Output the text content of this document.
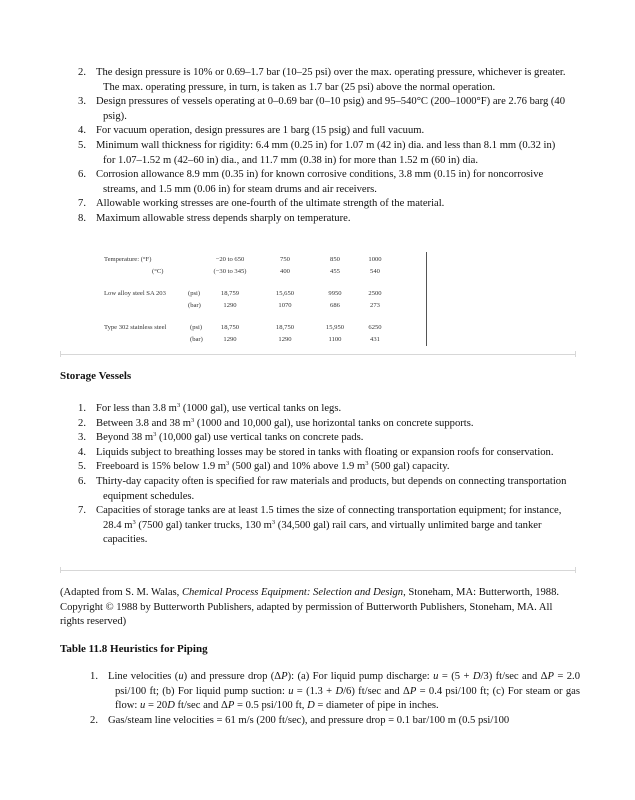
2. The design pressure is 10% or 0.69–1.7 bar (10–25 psi) over the max. operating pressure, whichever is greater. The max. operating pressure, in turn, is taken as 1.7 bar (25 psi) above the normal operation.
3. Design pressures of vessels operating at 0–0.69 bar (0–10 psig) and 95–540°C (200–1000°F) are 2.76 barg (40 psig).
4. For vacuum operation, design pressures are 1 barg (15 psig) and full vacuum.
5. Minimum wall thickness for rigidity: 6.4 mm (0.25 in) for 1.07 m (42 in) dia. and less than 8.1 mm (0.32 in) for 1.07–1.52 m (42–60 in) dia., and 11.7 mm (0.38 in) for more than 1.52 m (60 in) dia.
6. Corrosion allowance 8.9 mm (0.35 in) for known corrosive conditions, 3.8 mm (0.15 in) for noncorrosive streams, and 1.5 mm (0.06 in) for steam drums and air receivers.
7. Allowable working stresses are one-fourth of the ultimate strength of the material.
8. Maximum allowable stress depends sharply on temperature.
Temperature: (°F)	−20 to 650	750	850	1000
(°C)	(−30 to 345)	400	455	540
Low alloy steel SA 203	(psi)	18,759	15,650	9950	2500
(bar)	1290	1070	686	273
Type 302 stainless steel	(psi)	18,750	18,750	15,950	6250
(bar)	1290	1290	1100	431
Storage Vessels
1. For less than 3.8 $m^3$ (1000 gal), use vertical tanks on legs.
2. Between 3.8 and 38 $m^3$ (1000 and 10,000 gal), use horizontal tanks on concrete supports.
3. Beyond 38 $m^3$ (10,000 gal) use vertical tanks on concrete pads.
4. Liquids subject to breathing losses may be stored in tanks with floating or expansion roofs for conservation.
5. Freeboard is 15% below 1.9 $m^3$ (500 gal) and 10% above 1.9 $m^3$ (500 gal) capacity.
6. Thirty-day capacity often is specified for raw materials and products, but depends on connecting transportation equipment schedules.
7. Capacities of storage tanks are at least 1.5 times the size of connecting transportation equipment; for instance, 28.4 $m^3$ (7500 gal) tanker trucks, 130 $m^3$ (34,500 gal) rail cars, and virtually unlimited barge and tanker capacities.
(Adapted from S. M. Walas, Chemical Process Equipment: Selection and Design, Stoneham, MA: Butterworth, 1988. Copyright © 1988 by Butterworth Publishers, adapted by permission of Butterworth Publishers, Stoneham, MA. All rights reserved)
Table 11.8 Heuristics for Piping
1. Line velocities (u) and pressure drop (ΔP): (a) For liquid pump discharge: u = (5 + D/3) ft/sec and ΔP = 2.0 psi/100 ft; (b) For liquid pump suction: u = (1.3 + D/6) ft/sec and ΔP = 0.4 psi/100 ft; (c) For steam or gas flow: u = 20D ft/sec and ΔP = 0.5 psi/100 ft, D = diameter of pipe in inches.
2. Gas/steam line velocities = 61 m/s (200 ft/sec), and pressure drop = 0.1 bar/100 m (0.5 psi/100
